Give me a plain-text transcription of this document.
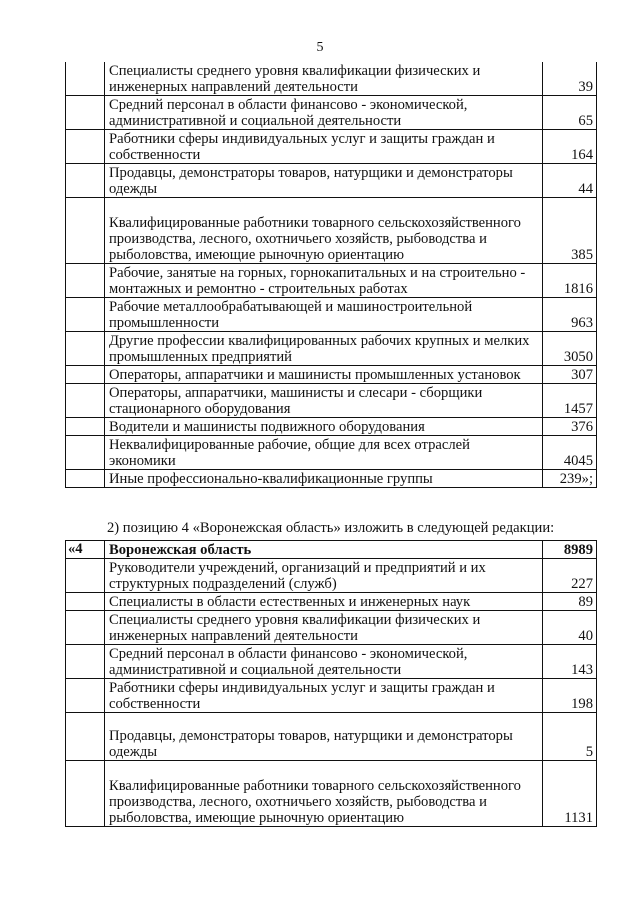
5
	Специалисты среднего уровня квалификации физических и инженерных направлений деятельности	39
	Средний персонал в области финансово - экономической, административной и социальной деятельности	65
	Работники сферы индивидуальных услуг и защиты граждан и собственности	164
	Продавцы, демонстраторы товаров, натурщики и демонстраторы одежды	44
	Квалифицированные работники товарного сельскохозяйственного производства, лесного, охотничьего хозяйств, рыбоводства и рыболовства, имеющие рыночную ориентацию	385
	Рабочие, занятые на горных, горнокапитальных и на строительно - монтажных и ремонтно - строительных работах	1816
	Рабочие металлообрабатывающей и машиностроительной промышленности	963
	Другие профессии квалифицированных рабочих крупных и мелких промышленных предприятий	3050
	Операторы, аппаратчики и машинисты промышленных установок	307
	Операторы, аппаратчики, машинисты и слесари - сборщики стационарного оборудования	1457
	Водители и машинисты подвижного оборудования	376
	Неквалифицированные рабочие, общие для всех отраслей экономики	4045
	Иные профессионально-квалификационные группы	239»;
2) позицию 4 «Воронежская область» изложить в следующей редакции:
«4	Воронежская область	8989
	Руководители учреждений, организаций и предприятий и их структурных подразделений (служб)	227
	Специалисты в области естественных и инженерных наук	89
	Специалисты среднего уровня квалификации физических и инженерных направлений деятельности	40
	Средний персонал в области финансово - экономической, административной и социальной деятельности	143
	Работники сферы индивидуальных услуг и защиты граждан и собственности	198
	Продавцы, демонстраторы товаров, натурщики и демонстраторы одежды	5
	Квалифицированные работники товарного сельскохозяйственного производства, лесного, охотничьего хозяйств, рыбоводства и рыболовства, имеющие рыночную ориентацию	1131
